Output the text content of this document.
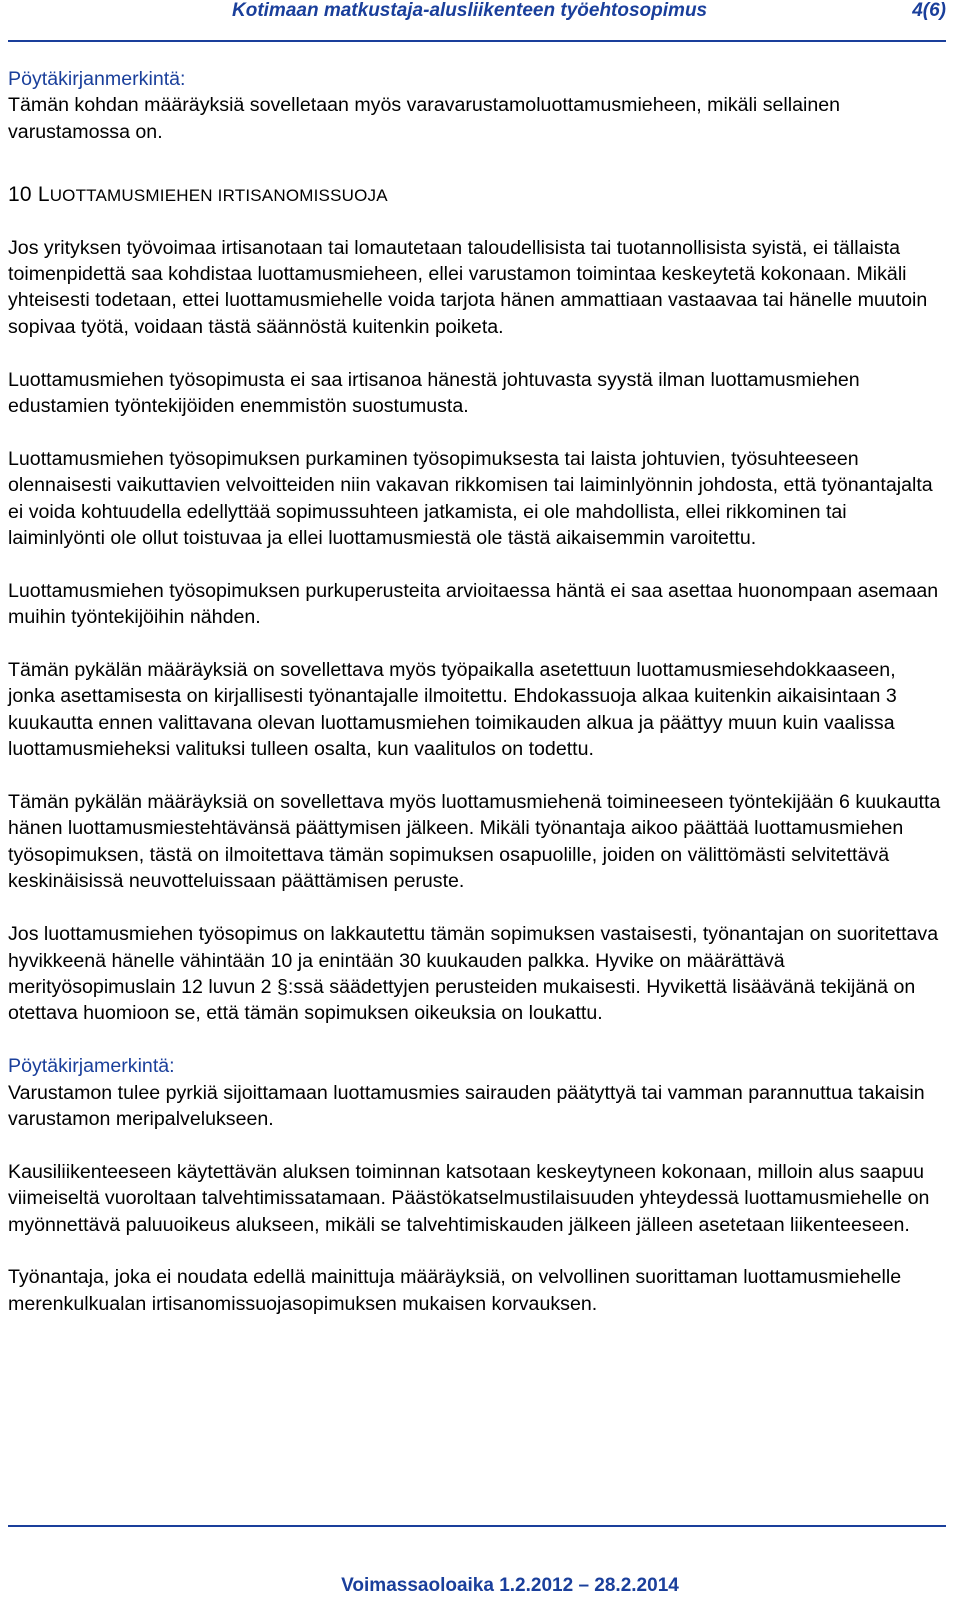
Kotimaan matkustaja-alusliikenteen työehtosopimus	4(6)

Pöytäkirjanmerkintä:

Tämän kohdan määräyksiä sovelletaan myös varavarustamoluottamusmieheen, mikäli sellainen varustamossa on.

10 LUOTTAMUSMIEHEN IRTISANOMISSUOJA

Jos yrityksen työvoimaa irtisanotaan tai lomautetaan taloudellisista tai tuotannollisista syistä, ei tällaista toimenpidettä saa kohdistaa luottamusmieheen, ellei varustamon toimintaa keskeytetä kokonaan. Mikäli yhteisesti todetaan, ettei luottamusmiehelle voida tarjota hänen ammattiaan vastaavaa tai hänelle muutoin sopivaa työtä, voidaan tästä säännöstä kuitenkin poiketa.

Luottamusmiehen työsopimusta ei saa irtisanoa hänestä johtuvasta syystä ilman luottamusmiehen edustamien työntekijöiden enemmistön suostumusta.

Luottamusmiehen työsopimuksen purkaminen työsopimuksesta tai laista johtuvien, työsuhteeseen olennaisesti vaikuttavien velvoitteiden niin vakavan rikkomisen tai laiminlyönnin johdosta, että työnantajalta ei voida kohtuudella edellyttää sopimussuhteen jatkamista, ei ole mahdollista, ellei rikkominen tai laiminlyönti ole ollut toistuvaa ja ellei luottamusmiestä ole tästä aikaisemmin varoitettu.

Luottamusmiehen työsopimuksen purkuperusteita arvioitaessa häntä ei saa asettaa huonompaan asemaan muihin työntekijöihin nähden.

Tämän pykälän määräyksiä on sovellettava myös työpaikalla asetettuun luottamusmiesehdokkaaseen, jonka asettamisesta on kirjallisesti työnantajalle ilmoitettu. Ehdokassuoja alkaa kuitenkin aikaisintaan 3 kuukautta ennen valittavana olevan luottamusmiehen toimikauden alkua ja päättyy muun kuin vaalissa luottamusmieheksi valituksi tulleen osalta, kun vaalitulos on todettu.

Tämän pykälän määräyksiä on sovellettava myös luottamusmiehenä toimineeseen työntekijään 6 kuukautta hänen luottamusmiestehtävänsä päättymisen jälkeen. Mikäli työnantaja aikoo päättää luottamusmiehen työsopimuksen, tästä on ilmoitettava tämän sopimuksen osapuolille, joiden on välittömästi selvitettävä keskinäisissä neuvotteluissaan päättämisen peruste.

Jos luottamusmiehen työsopimus on lakkautettu tämän sopimuksen vastaisesti, työnantajan on suoritettava hyvikkeenä hänelle vähintään 10 ja enintään 30 kuukauden palkka. Hyvike on määrättävä merityösopimuslain 12 luvun 2 §:ssä säädettyjen perusteiden mukaisesti. Hyvikettä lisäävänä tekijänä on otettava huomioon se, että tämän sopimuksen oikeuksia on loukattu.

Pöytäkirjamerkintä:

Varustamon tulee pyrkiä sijoittamaan luottamusmies sairauden päätyttyä tai vamman parannuttua takaisin varustamon meripalvelukseen.

Kausiliikenteeseen käytettävän aluksen toiminnan katsotaan keskeytyneen kokonaan, milloin alus saapuu viimeiseltä vuoroltaan talvehtimissatamaan. Päästökatselmustilaisuuden yhteydessä luottamusmiehelle on myönnettävä paluuoikeus alukseen, mikäli se talvehtimiskauden jälkeen jälleen asetetaan liikenteeseen.

Työnantaja, joka ei noudata edellä mainittuja määräyksiä, on velvollinen suorittaman luottamusmiehelle merenkulkualan irtisanomissuojasopimuksen mukaisen korvauksen.

Voimassaoloaika 1.2.2012 – 28.2.2014
